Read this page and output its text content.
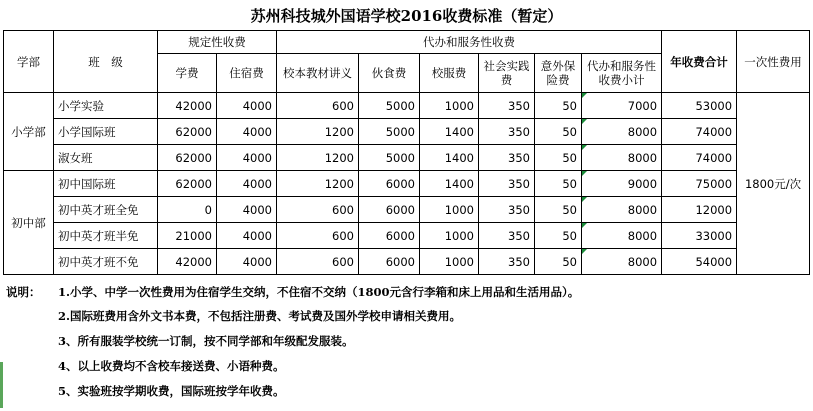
苏州科技城外国语学校2016收费标准（暂定）
学部	班　级	规定性收费		代办和服务性收费						年收费合计	一次性费用
		学费	住宿费	校本教材讲义	伙食费	校服费	社会实践费	意外保险费	代办和服务性收费小计		
小学部	小学实验	42000	4000	600	5000	1000	350	50	7000	53000	1800元/次
	小学国际班	62000	4000	1200	5000	1400	350	50	8000	74000	
	淑女班	62000	4000	1200	5000	1400	350	50	8000	74000	
初中部	初中国际班	62000	4000	1200	6000	1400	350	50	9000	75000	
	初中英才班全免	0	4000	600	6000	1000	350	50	8000	12000	
	初中英才班半免	21000	4000	600	6000	1000	350	50	8000	33000	
	初中英才班不免	42000	4000	600	6000	1000	350	50	8000	54000	
说明： 1.小学、中学一次性费用为住宿学生交纳，不住宿不交纳（1800元含行李箱和床上用品和生活用品）。
2.国际班费用含外文书本费，不包括注册费、考试费及国外学校申请相关费用。
3、所有服装学校统一订制，按不同学部和年级配发服装。
4、以上收费均不含校车接送费、小语种费。
5、实验班按学期收费，国际班按学年收费。
